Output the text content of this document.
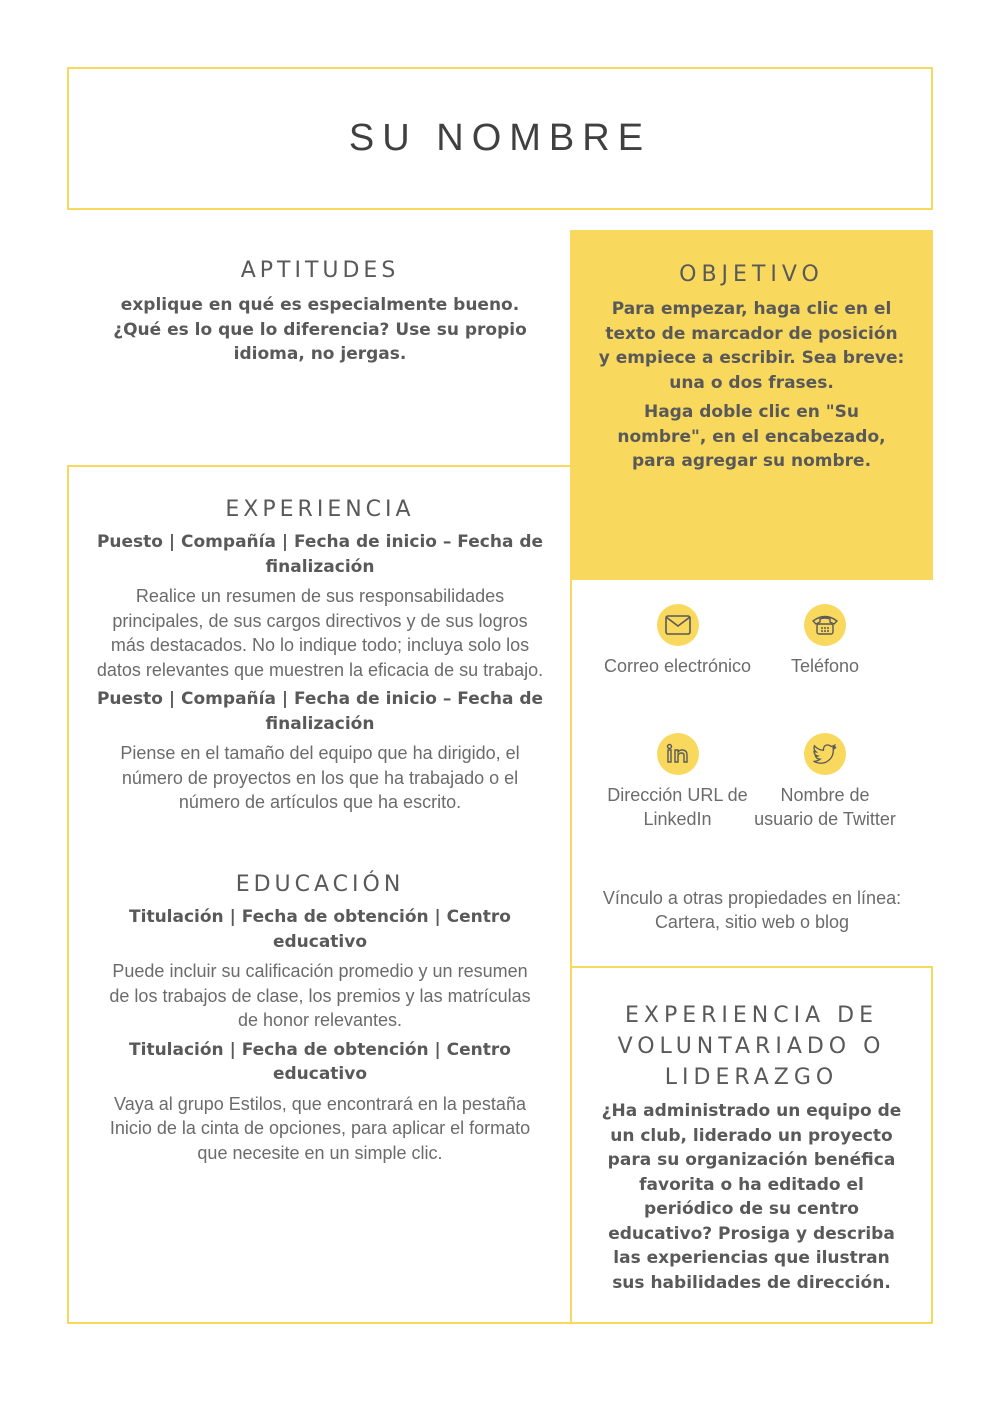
SU NOMBRE
APTITUDES

explique en qué es especialmente bueno. ¿Qué es lo que lo diferencia? Use su propio idioma, no jergas.

OBJETIVO

Para empezar, haga clic en el texto de marcador de posición y empiece a escribir. Sea breve: una o dos frases.

Haga doble clic en "Su nombre", en el encabezado, para agregar su nombre.

EXPERIENCIA

Puesto | Compañía | Fecha de inicio – Fecha de finalización

Realice un resumen de sus responsabilidades principales, de sus cargos directivos y de sus logros más destacados. No lo indique todo; incluya solo los datos relevantes que muestren la eficacia de su trabajo.

Puesto | Compañía | Fecha de inicio – Fecha de finalización

Piense en el tamaño del equipo que ha dirigido, el número de proyectos en los que ha trabajado o el número de artículos que ha escrito.

EDUCACIÓN

Titulación | Fecha de obtención | Centro educativo

Puede incluir su calificación promedio y un resumen de los trabajos de clase, los premios y las matrículas de honor relevantes.

Titulación | Fecha de obtención | Centro educativo

Vaya al grupo Estilos, que encontrará en la pestaña Inicio de la cinta de opciones, para aplicar el formato que necesite en un simple clic.

Correo electrónico	Teléfono
Dirección URL de LinkedIn
Nombre de usuario de Twitter
Vínculo a otras propiedades en línea: Cartera, sitio web o blog
EXPERIENCIA DE VOLUNTARIADO O LIDERAZGO

¿Ha administrado un equipo de un club, liderado un proyecto para su organización benéfica favorita o ha editado el periódico de su centro educativo? Prosiga y describa las experiencias que ilustran sus habilidades de dirección.
